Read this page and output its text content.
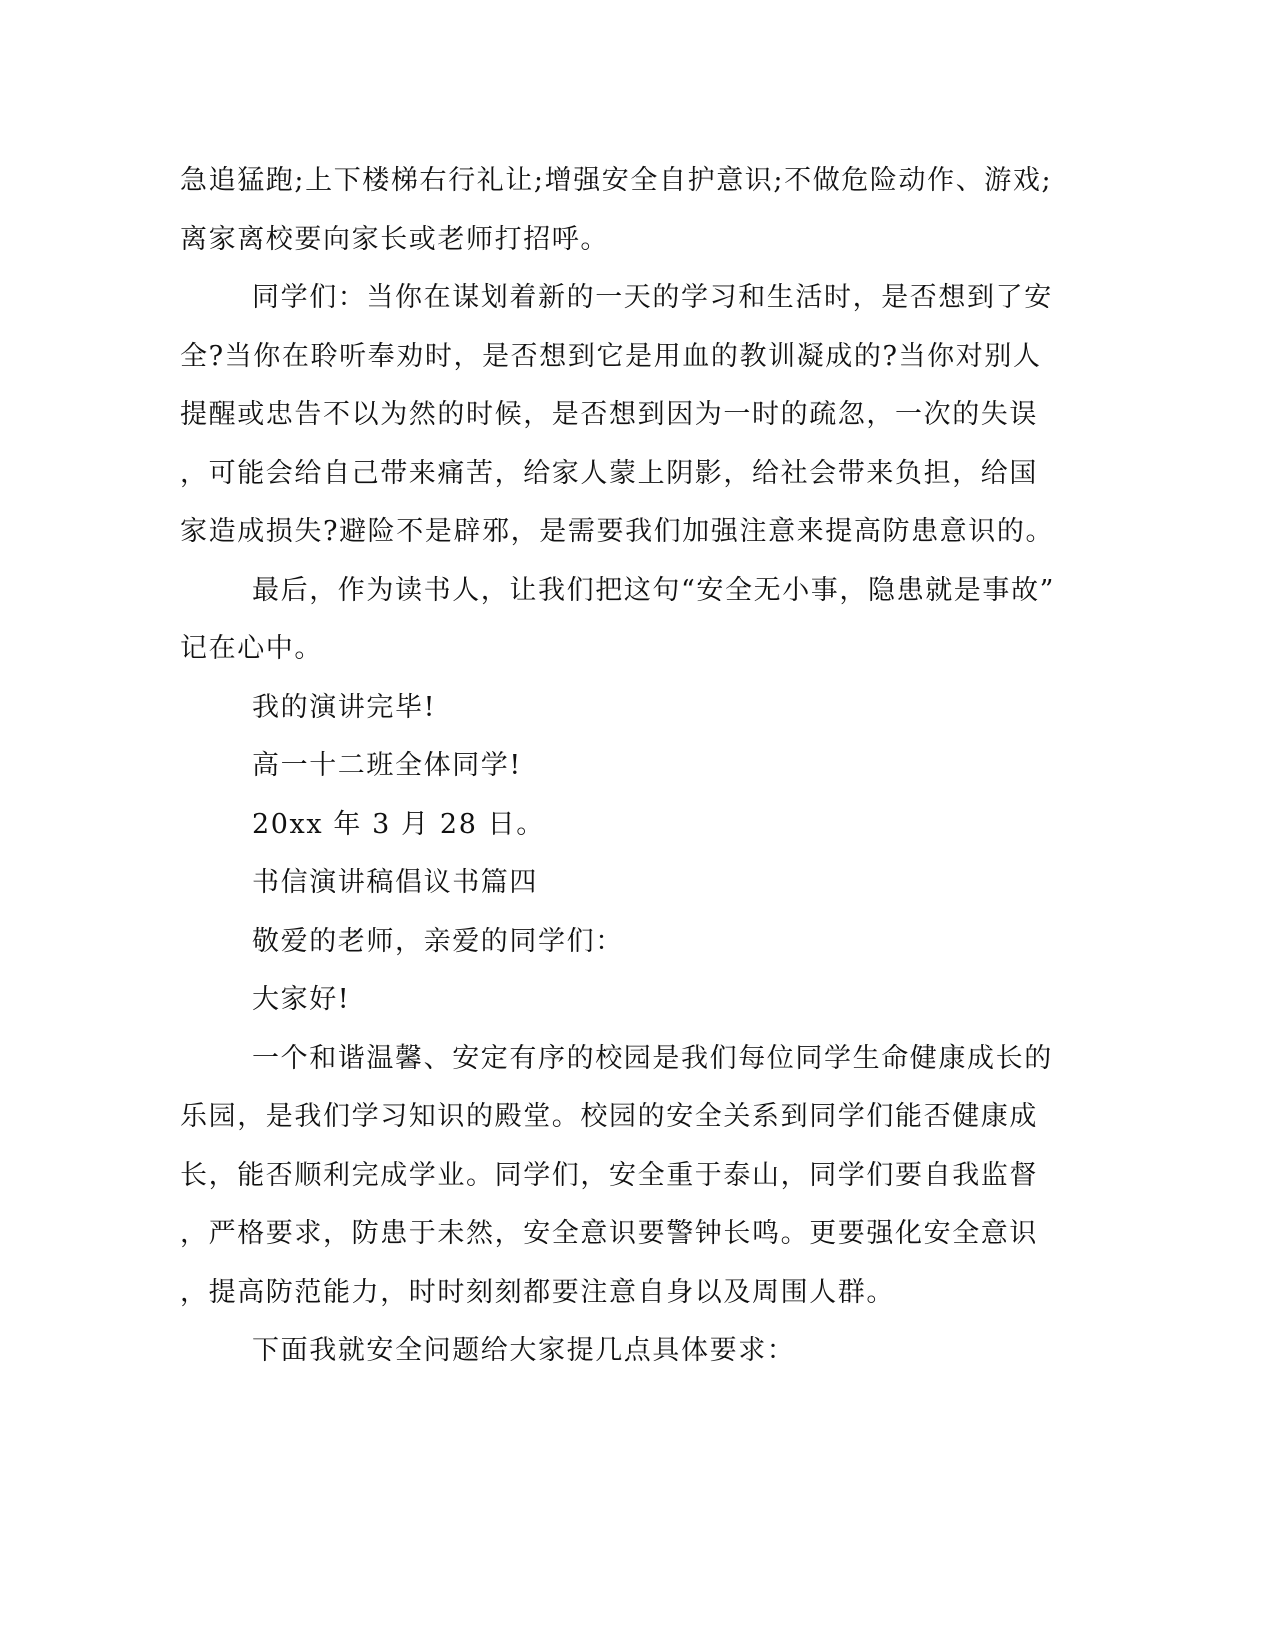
急追猛跑;上下楼梯右行礼让;增强安全自护意识;不做危险动作、游戏;
离家离校要向家长或老师打招呼。
同学们：当你在谋划着新的一天的学习和生活时，是否想到了安
全?当你在聆听奉劝时，是否想到它是用血的教训凝成的?当你对别人
提醒或忠告不以为然的时候，是否想到因为一时的疏忽，一次的失误
，可能会给自己带来痛苦，给家人蒙上阴影，给社会带来负担，给国
家造成损失?避险不是辟邪，是需要我们加强注意来提高防患意识的。
最后，作为读书人，让我们把这句“安全无小事，隐患就是事故”
记在心中。
我的演讲完毕!
高一十二班全体同学!
20xx 年 3 月 28 日。
书信演讲稿倡议书篇四
敬爱的老师，亲爱的同学们：
大家好!
一个和谐温馨、安定有序的校园是我们每位同学生命健康成长的
乐园，是我们学习知识的殿堂。校园的安全关系到同学们能否健康成
长，能否顺利完成学业。同学们，安全重于泰山，同学们要自我监督
，严格要求，防患于未然，安全意识要警钟长鸣。更要强化安全意识
，提高防范能力，时时刻刻都要注意自身以及周围人群。
下面我就安全问题给大家提几点具体要求：
